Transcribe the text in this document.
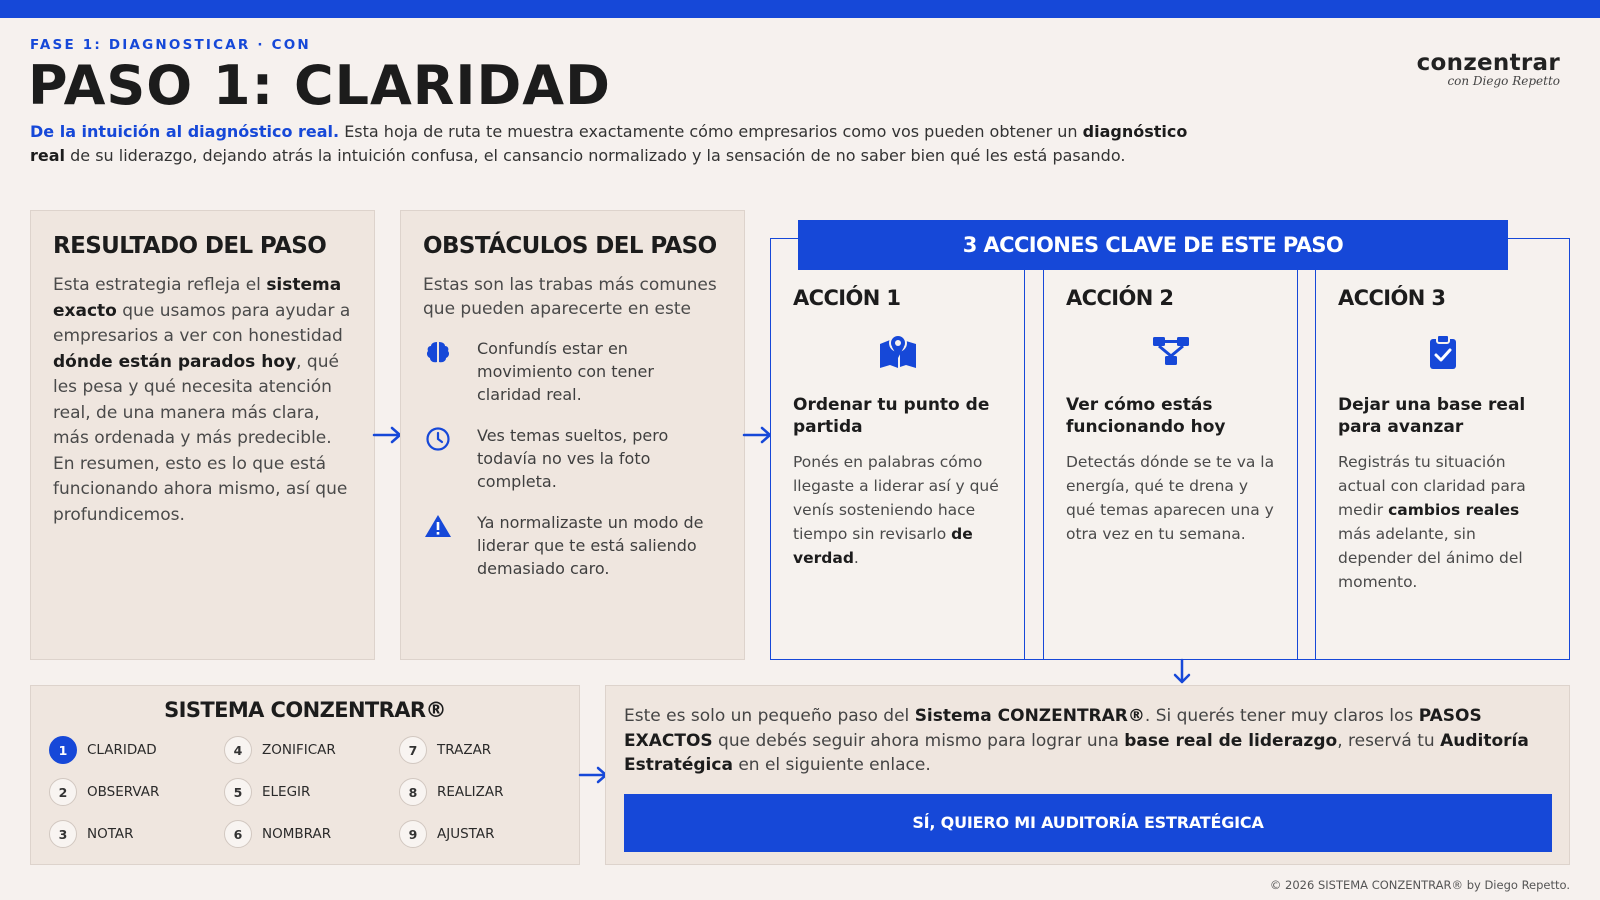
FASE 1: DIAGNOSTICAR · CON
PASO 1: CLARIDAD
De la intuición al diagnóstico real. Esta hoja de ruta te muestra exactamente cómo empresarios como vos pueden obtener un diagnóstico real de su liderazgo, dejando atrás la intuición confusa, el cansancio normalizado y la sensación de no saber bien qué les está pasando.
conzentrar
con Diego Repetto
RESULTADO DEL PASO

Esta estrategia refleja el sistema exacto que usamos para ayudar a empresarios a ver con honestidad dónde están parados hoy, qué les pesa y qué necesita atención real, de una manera más clara, más ordenada y más predecible. En resumen, esto es lo que está funcionando ahora mismo, así que profundicemos.

OBSTÁCULOS DEL PASO

Estas son las trabas más comunes que pueden aparecerte en este

Confundís estar en movimiento con tener claridad real.
Ves temas sueltos, pero todavía no ves la foto completa.
Ya normalizaste un modo de liderar que te está saliendo demasiado caro.
ACCIÓN 1
Ordenar tu punto de partida

Ponés en palabras cómo llegaste a liderar así y qué venís sosteniendo hace tiempo sin revisarlo de verdad.

ACCIÓN 2
Ver cómo estás funcionando hoy

Detectás dónde se te va la energía, qué te drena y qué temas aparecen una y otra vez en tu semana.

ACCIÓN 3
Dejar una base real para avanzar

Registrás tu situación actual con claridad para medir cambios reales más adelante, sin depender del ánimo del momento.

3 ACCIONES CLAVE DE ESTE PASO
SISTEMA CONZENTRAR®
1	CLARIDAD	4	ZONIFICAR	7	TRAZAR
2	OBSERVAR	5	ELEGIR	8	REALIZAR
3	NOTAR	6	NOMBRAR	9	AJUSTAR

Este es solo un pequeño paso del Sistema CONZENTRAR®. Si querés tener muy claros los PASOS EXACTOS que debés seguir ahora mismo para lograr una base real de liderazgo, reservá tu Auditoría Estratégica en el siguiente enlace.

SÍ, QUIERO MI AUDITORÍA ESTRATÉGICA
© 2026 SISTEMA CONZENTRAR® by Diego Repetto.
